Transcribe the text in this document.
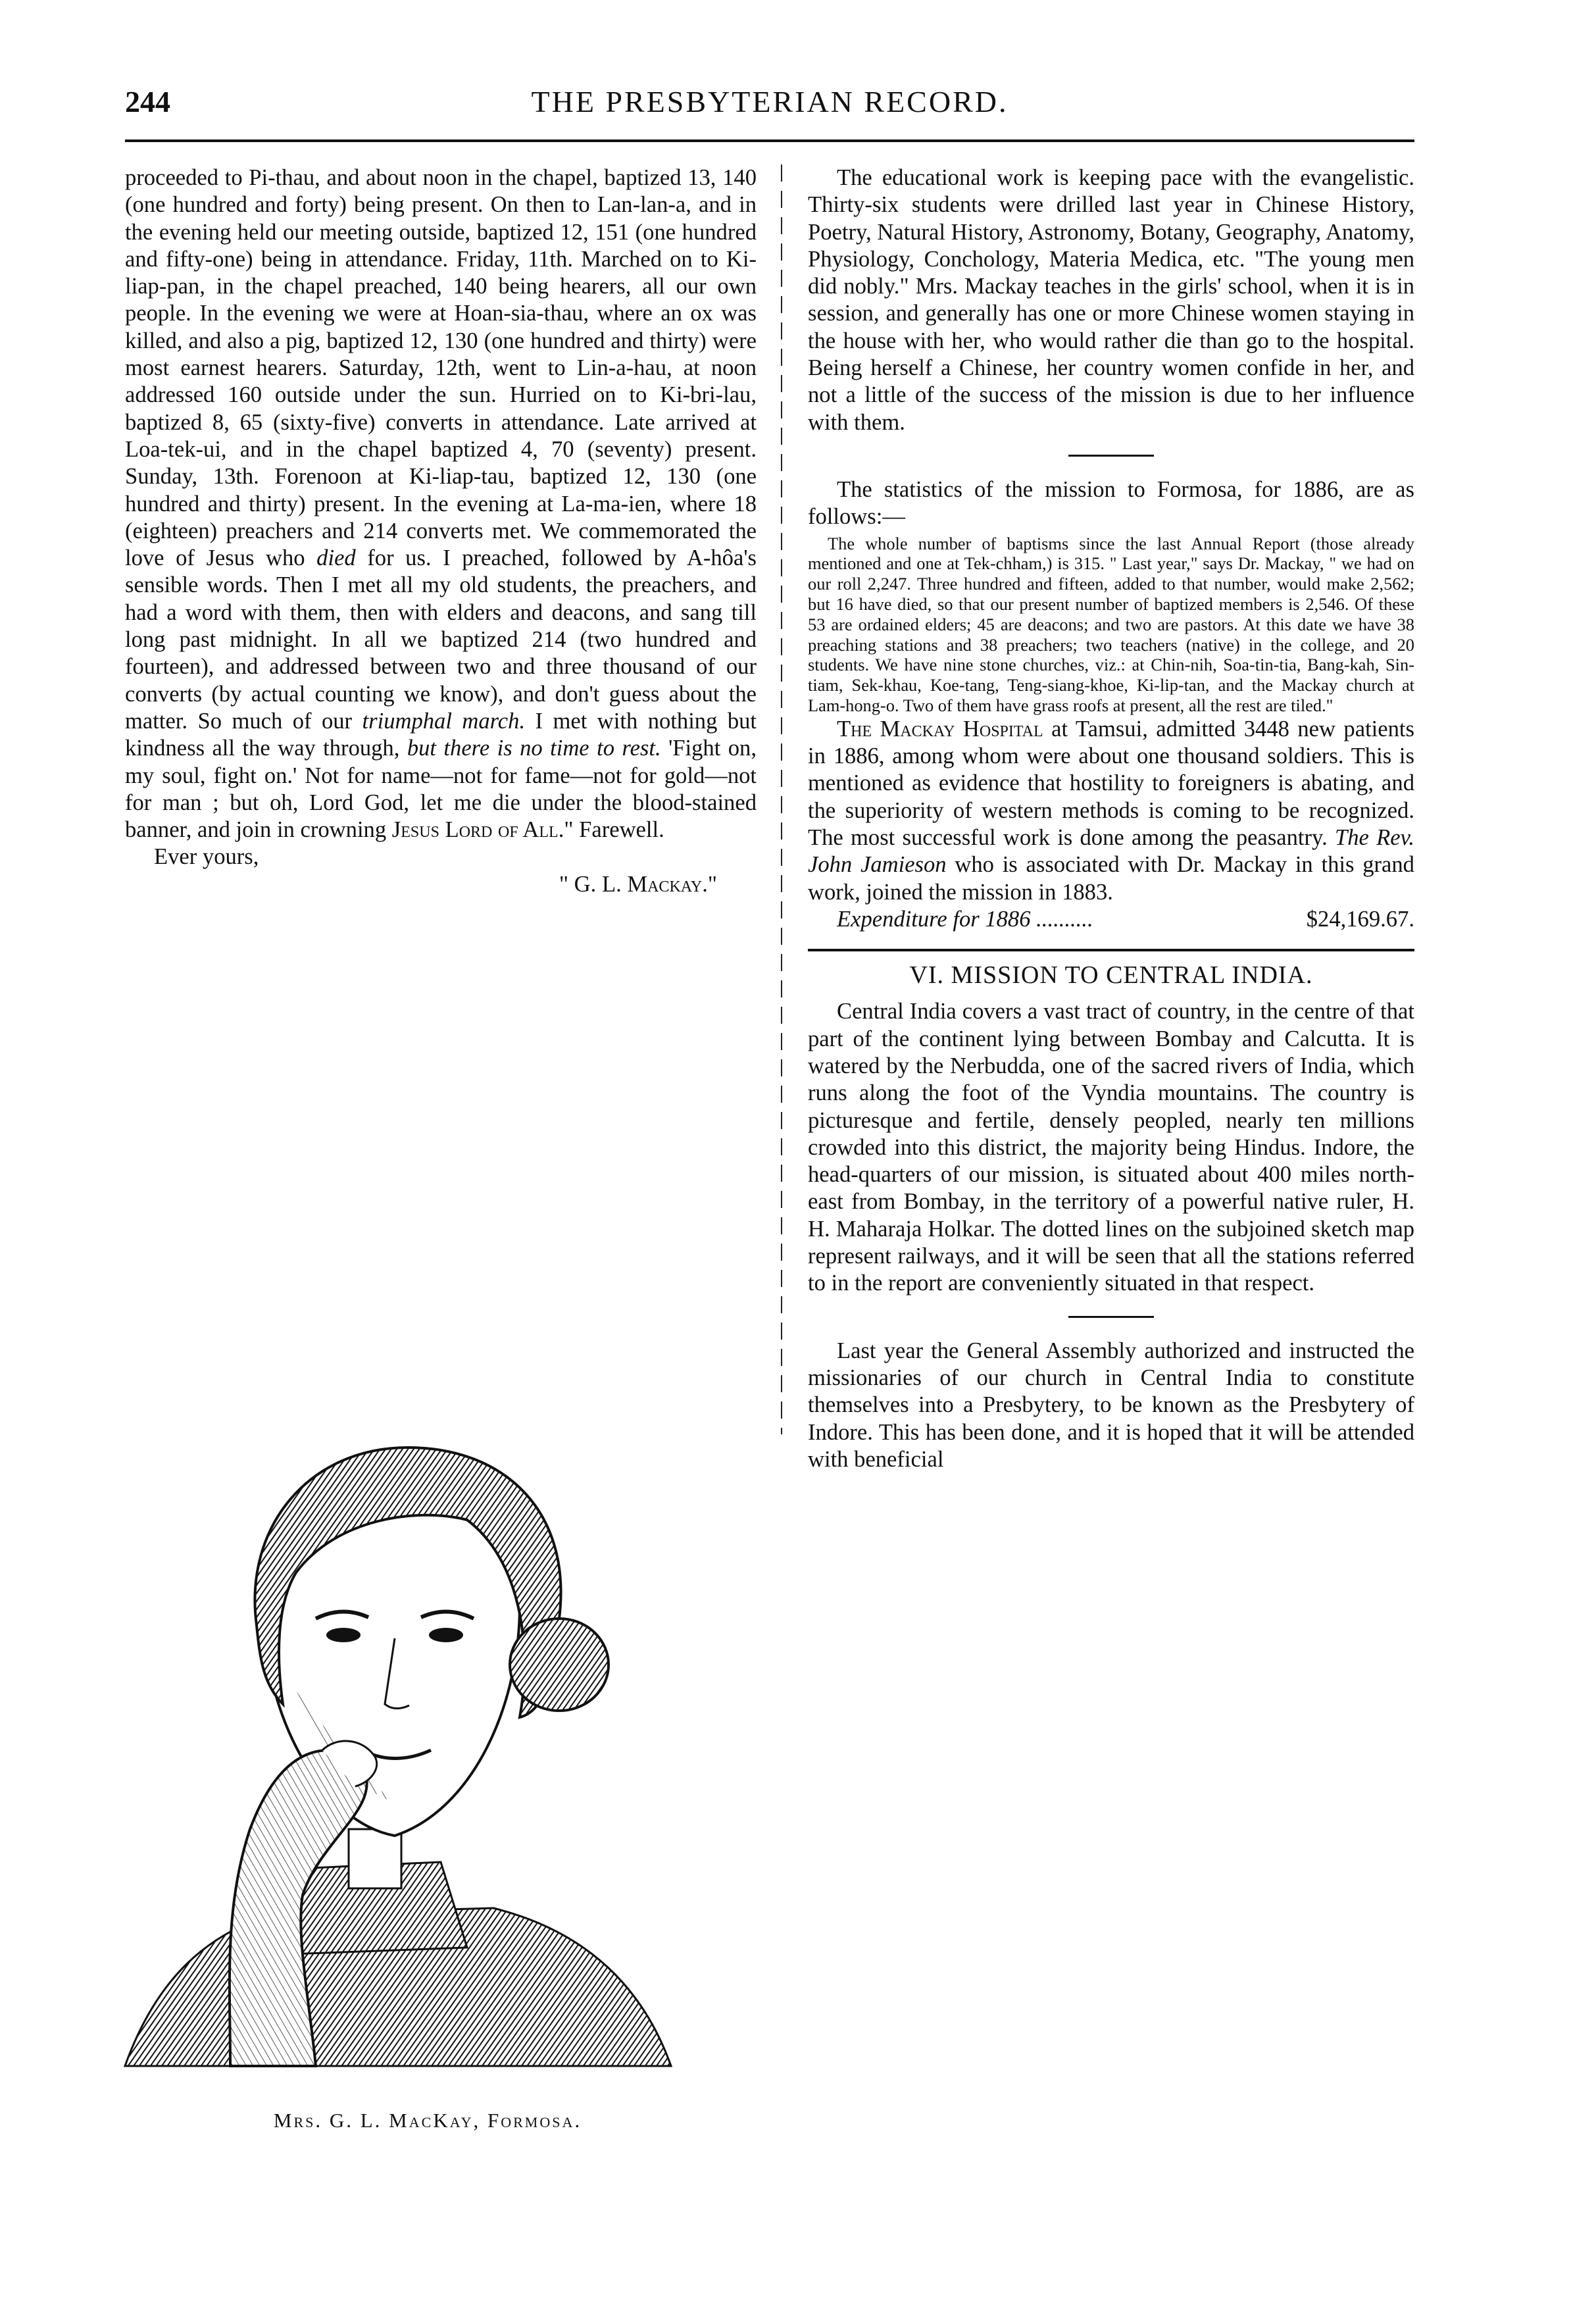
244	THE PRESBYTERIAN RECORD.

proceeded to Pi-thau, and about noon in the chapel, baptized 13, 140 (one hundred and forty) being present. On then to Lan-lan-a, and in the evening held our meeting outside, baptized 12, 151 (one hundred and fifty-one) being in attendance. Friday, 11th. Marched on to Ki-liap-pan, in the chapel preached, 140 being hearers, all our own people. In the evening we were at Hoan-sia-thau, where an ox was killed, and also a pig, baptized 12, 130 (one hundred and thirty) were most earnest hearers. Saturday, 12th, went to Lin-a-hau, at noon addressed 160 outside under the sun. Hurried on to Ki-bri-lau, baptized 8, 65 (sixty-five) converts in attendance. Late arrived at Loa-tek-ui, and in the chapel baptized 4, 70 (seventy) present. Sunday, 13th. Forenoon at Ki-liap-tau, baptized 12, 130 (one hundred and thirty) present. In the evening at La-ma-ien, where 18 (eighteen) preachers and 214 converts met. We commemorated the love of Jesus who died for us. I preached, followed by A-hôa's sensible words. Then I met all my old students, the preachers, and had a word with them, then with elders and deacons, and sang till long past midnight. In all we baptized 214 (two hundred and fourteen), and addressed between two and three thousand of our converts (by actual counting we know), and don't guess about the matter. So much of our triumphal march. I met with nothing but kindness all the way through, but there is no time to rest. 'Fight on, my soul, fight on.' Not for name—not for fame—not for gold—not for man ; but oh, Lord God, let me die under the blood-stained banner, and join in crowning Jesus Lord of All." Farewell.

Ever yours,

" G. L. Mackay."

Mrs. G. L. MacKay, Formosa.

The educational work is keeping pace with the evangelistic. Thirty-six students were drilled last year in Chinese History, Poetry, Natural History, Astronomy, Botany, Geography, Anatomy, Physiology, Conchology, Materia Medica, etc. "The young men did nobly." Mrs. Mackay teaches in the girls' school, when it is in session, and generally has one or more Chinese women staying in the house with her, who would rather die than go to the hospital. Being herself a Chinese, her country women confide in her, and not a little of the success of the mission is due to her influence with them.

The statistics of the mission to Formosa, for 1886, are as follows:—

The whole number of baptisms since the last Annual Report (those already mentioned and one at Tek-chham,) is 315. " Last year," says Dr. Mackay, " we had on our roll 2,247. Three hundred and fifteen, added to that number, would make 2,562; but 16 have died, so that our present number of baptized members is 2,546. Of these 53 are ordained elders; 45 are deacons; and two are pastors. At this date we have 38 preaching stations and 38 preachers; two teachers (native) in the college, and 20 students. We have nine stone churches, viz.: at Chin-nih, Soa-tin-tia, Bang-kah, Sin-tiam, Sek-khau, Koe-tang, Teng-siang-khoe, Ki-lip-tan, and the Mackay church at Lam-hong-o. Two of them have grass roofs at present, all the rest are tiled."

The Mackay Hospital at Tamsui, admitted 3448 new patients in 1886, among whom were about one thousand soldiers. This is mentioned as evidence that hostility to foreigners is abating, and the superiority of western methods is coming to be recognized. The most successful work is done among the peasantry. The Rev. John Jamieson who is associated with Dr. Mackay in this grand work, joined the mission in 1883.

Expenditure for 1886 ..........	$24,169.67.

VI. MISSION TO CENTRAL INDIA.

Central India covers a vast tract of country, in the centre of that part of the continent lying between Bombay and Calcutta. It is watered by the Nerbudda, one of the sacred rivers of India, which runs along the foot of the Vyndia mountains. The country is picturesque and fertile, densely peopled, nearly ten millions crowded into this district, the majority being Hindus. Indore, the head-quarters of our mission, is situated about 400 miles north-east from Bombay, in the territory of a powerful native ruler, H. H. Maharaja Holkar. The dotted lines on the subjoined sketch map represent railways, and it will be seen that all the stations referred to in the report are conveniently situated in that respect.

Last year the General Assembly authorized and instructed the missionaries of our church in Central India to constitute themselves into a Presbytery, to be known as the Presbytery of Indore. This has been done, and it is hoped that it will be attended with beneficial
